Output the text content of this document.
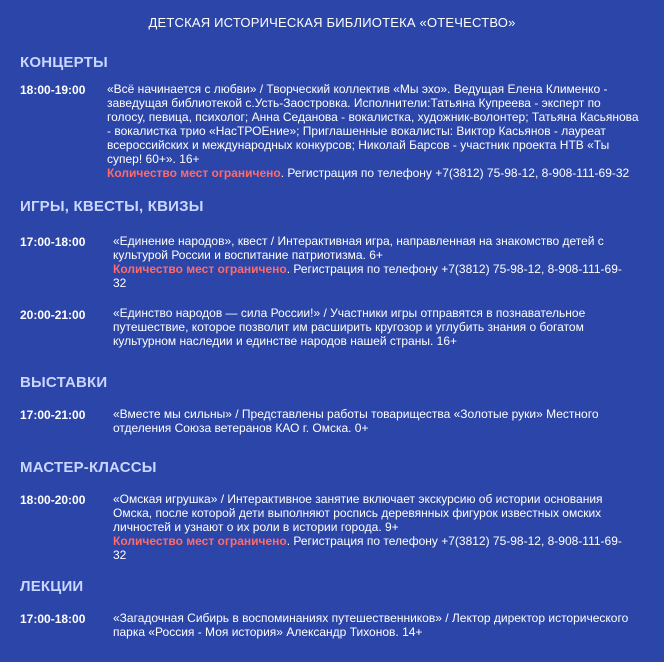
ДЕТСКАЯ ИСТОРИЧЕСКАЯ БИБЛИОТЕКА «ОТЕЧЕСТВО»
КОНЦЕРТЫ
18:00-19:00 «Всё начинается с любви» / Творческий коллектив «Мы эхо». Ведущая Елена Клименко - заведущая библиотекой с.Усть-Заостровка. Исполнители:Татьяна Купреева - эксперт по голосу, певица, психолог; Анна Седанова - вокалистка, художник-волонтер; Татьяна Касьянова - вокалистка трио «НасТРОЕние»; Приглашенные вокалисты: Виктор Касьянов - лауреат всероссийских и международных конкурсов; Николай Барсов - участник проекта НТВ «Ты супер! 60+». 16+
Количество мест ограничено. Регистрация по телефону +7(3812) 75-98-12, 8-908-111-69-32
ИГРЫ, КВЕСТЫ, КВИЗЫ
17:00-18:00 «Единение народов», квест / Интерактивная игра, направленная на знакомство детей с культурой России и воспитание патриотизма. 6+
Количество мест ограничено. Регистрация по телефону +7(3812) 75-98-12, 8-908-111-69-32
20:00-21:00 «Единство народов — сила России!» / Участники игры отправятся в познавательное путешествие, которое позволит им расширить кругозор и углубить знания о богатом культурном наследии и единстве народов нашей страны. 16+
ВЫСТАВКИ
17:00-21:00 «Вместе мы сильны» / Представлены работы товарищества «Золотые руки» Местного отделения Союза ветеранов КАО г. Омска. 0+
МАСТЕР-КЛАССЫ
18:00-20:00 «Омская игрушка» / Интерактивное занятие включает экскурсию об истории основания Омска, после которой дети выполняют роспись деревянных фигурок известных омских личностей и узнают о их роли в истории города. 9+
Количество мест ограничено. Регистрация по телефону +7(3812) 75-98-12, 8-908-111-69-32
ЛЕКЦИИ
17:00-18:00 «Загадочная Сибирь в воспоминаниях путешественников» / Лектор директор исторического парка «Россия - Моя история» Александр Тихонов. 14+
